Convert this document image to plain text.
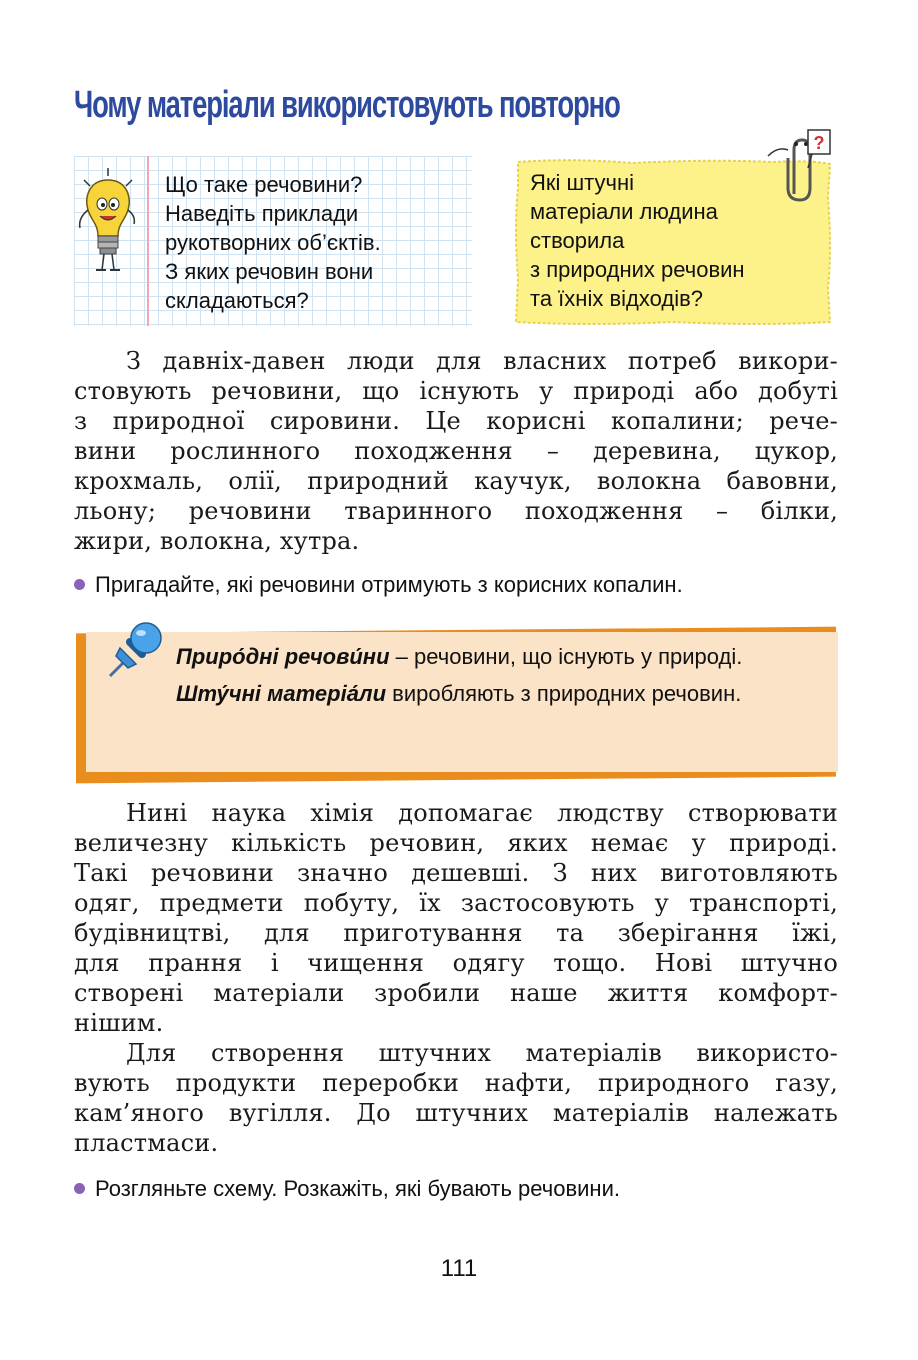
Чому матеріали використовують повторно
Що таке речовини?
Наведіть приклади
рукотворних об’єктів.
З яких речовин вони
складаються?
Які штучні
матеріали людина
створила
з природних речовин
та їхніх відходів?
?
З давніх-давен люди для власних потреб викори-
стовують речовини, що існують у природі або добуті
з природної сировини. Це корисні копалини; рече-
вини рослинного походження – деревина, цукор,
крохмаль, олії, природний каучук, волокна бавовни,
льону; речовини тваринного походження – білки,
жири, волокна, хутра.
Пригадайте, які речовини отримують з корисних копалин.

Приро́дні речови́ни – речовини, що існують у природі.

Шту́чні матеріа́ли виробляють з природних речовин.

Нині наука хімія допомагає людству створювати
величезну кількість речовин, яких немає у природі.
Такі речовини значно дешевші. З них виготовляють
одяг, предмети побуту, їх застосовують у транспорті,
будівництві, для приготування та зберігання їжі,
для прання і чищення одягу тощо. Нові штучно
створені матеріали зробили наше життя комфорт-
нішим.
Для створення штучних матеріалів використо-
вують продукти переробки нафти, природного газу,
кам’яного вугілля. До штучних матеріалів належать
пластмаси.
Розгляньте схему. Розкажіть, які бувають речовини.
111
